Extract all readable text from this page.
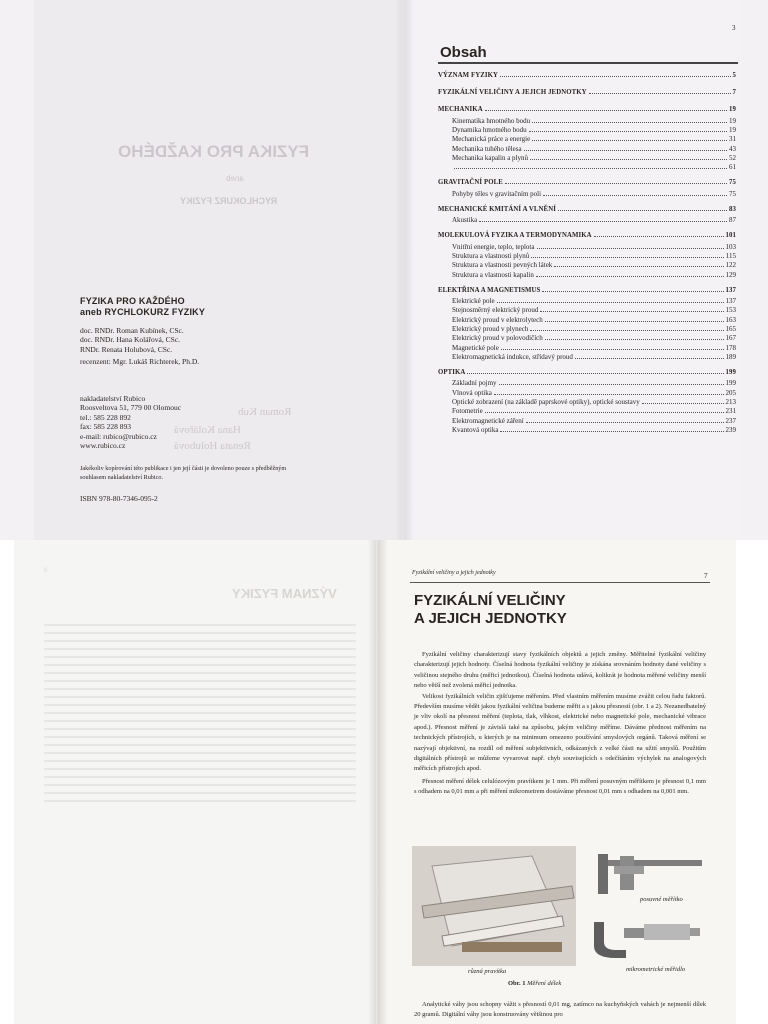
FYZIKA PRO KAŽDÉHO
aneb
RYCHLOKURZ FYZIKY
Roman Kub
Hana Kolářová
Renata Holubová
FYZIKA PRO KAŽDÉHO
aneb RYCHLOKURZ FYZIKY
doc. RNDr. Roman Kubínek, CSc.
doc. RNDr. Hana Kolářová, CSc.
RNDr. Renata Holubová, CSc.
recenzent: Mgr. Lukáš Richterek, Ph.D.
nakladatelství Rubico
Roosveltova 51, 779 00 Olomouc
tel.: 585 228 892
fax: 585 228 893
e-mail: rubico@rubico.cz
www.rubico.cz
Jakékoliv kopírování této publikace i jen její části je dovoleno pouze s předběžným souhlasem nakladatelství Rubico.
ISBN 978-80-7346-095-2
3
Obsah
VÝZNAM FYZIKY	5
FYZIKÁLNÍ VELIČINY A JEJICH JEDNOTKY	7
MECHANIKA	19
Kinematika hmotného bodu	19
Dynamika hmotného bodu	19
Mechanická práce a energie	31
Mechanika tuhého tělesa	43
Mechanika kapalin a plynů	52
61
GRAVITAČNÍ POLE	75
Pohyby těles v gravitačním poli	75
MECHANICKÉ KMITÁNÍ A VLNĚNÍ	83
Akustika	87
MOLEKULOVÁ FYZIKA A TERMODYNAMIKA	101
Vnitřní energie, teplo, teplota	103
Struktura a vlastnosti plynů	115
Struktura a vlastnosti pevných látek	122
Struktura a vlastnosti kapalin	129
ELEKTŘINA A MAGNETISMUS	137
Elektrické pole	137
Stejnosměrný elektrický proud	153
Elektrický proud v elektrolytech	163
Elektrický proud v plynech	165
Elektrický proud v polovodičích	167
Magnetické pole	178
Elektromagnetická indukce, střídavý proud	189
OPTIKA	199
Základní pojmy	199
Vlnová optika	205
Optické zobrazení (na základě paprskové optiky), optické soustavy	213
Fotometrie	231
Elektromagnetické záření	237
Kvantová optika	239
VÝZNAM FYZIKY
6	Fyzikální veličiny a jejich jednotky	7
FYZIKÁLNÍ VELIČINY
A JEJICH JEDNOTKY

Fyzikální veličiny charakterizují stavy fyzikálních objektů a jejich změny. Měřitelné fyzikální veličiny charakterizují jejich hodnoty. Číselná hodnota fyzikální veličiny je získána srovnáním hodnoty dané veličiny s veličinou stejného druhu (měřicí jednotkou). Číselná hodnota udává, kolikrát je hodnota měřené veličiny menší nebo větší než zvolená měřicí jednotka.

Velikost fyzikálních veličin zjišťujeme měřením. Před vlastním měřením musíme zvážit celou řadu faktorů. Především musíme vědět jakou fyzikální veličina budeme měřit a s jakou přesností (obr. 1 a 2). Nezanedbatelný je vliv okolí na přesnost měření (teplota, tlak, vlhkost, elektrické nebo magnetické pole, mechanické vibrace apod.). Přesnost měření je závislá také na způsobu, jakým veličiny měříme. Dáváme přednost měřením na technických přístrojích, u kterých je na minimum omezeno používání smyslových orgánů. Taková měření se nazývají objektivní, na rozdíl od měření subjektivních, odkázaných z velké části na užití smyslů. Použitím digitálních přístrojů se můžeme vyvarovat např. chyb souvisejících s odečítáním výchylek na analogových měřicích přístrojích apod.

Přesnost měření délek celulózovým pravítkem je 1 mm. Při měření posuvným měřítkem je přesnost 0,1 mm s odhadem na 0,01 mm a při měření mikrometrem dostáváme přesnost 0,01 mm s odhadem na 0,001 mm.

různá pravítka
posuvné měřítko
mikrometrické měřidlo
Obr. 1 Měření délek

Analytické váhy jsou schopny vážit s přesností 0,01 mg, zatímco na kuchyňských vahách je nejmenší dílek 20 gramů. Digitální váhy jsou konstruovány většinou pro
